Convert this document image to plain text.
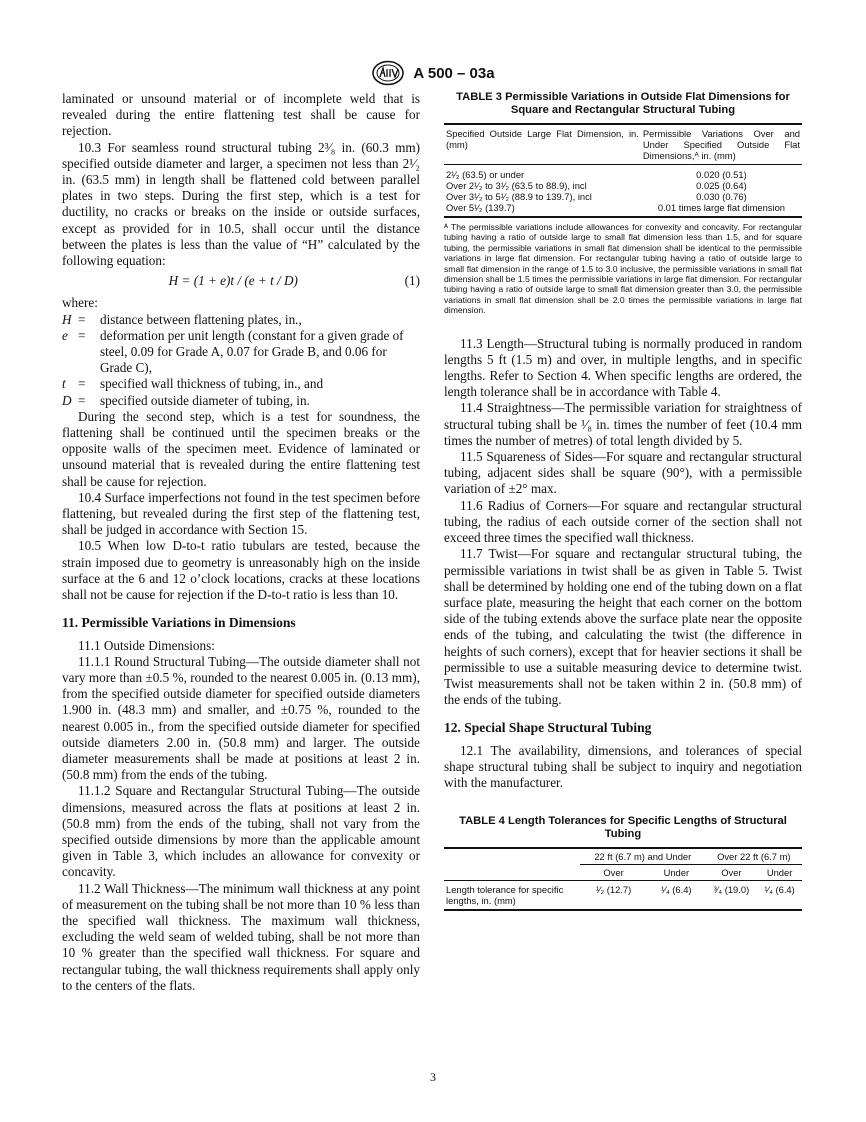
A 500 – 03a

laminated or unsound material or of incomplete weld that is revealed during the entire flattening test shall be cause for rejection.

10.3 For seamless round structural tubing 2³⁄₈ in. (60.3 mm) specified outside diameter and larger, a specimen not less than 2¹⁄₂ in. (63.5 mm) in length shall be flattened cold between parallel plates in two steps. During the first step, which is a test for ductility, no cracks or breaks on the inside or outside surfaces, except as provided for in 10.5, shall occur until the distance between the plates is less than the value of “H” calculated by the following equation:

H = (1 + e)t / (e + t / D)	(1)

where:

H =	distance between flattening plates, in.,
e =	deformation per unit length (constant for a given grade of steel, 0.09 for Grade A, 0.07 for Grade B, and 0.06 for Grade C),
t =	specified wall thickness of tubing, in., and
D =	specified outside diameter of tubing, in.

During the second step, which is a test for soundness, the flattening shall be continued until the specimen breaks or the opposite walls of the specimen meet. Evidence of laminated or unsound material that is revealed during the entire flattening test shall be cause for rejection.

10.4 Surface imperfections not found in the test specimen before flattening, but revealed during the first step of the flattening test, shall be judged in accordance with Section 15.

10.5 When low D-to-t ratio tubulars are tested, because the strain imposed due to geometry is unreasonably high on the inside surface at the 6 and 12 o’clock locations, cracks at these locations shall not be cause for rejection if the D-to-t ratio is less than 10.

11. Permissible Variations in Dimensions

11.1 Outside Dimensions:

11.1.1 Round Structural Tubing—The outside diameter shall not vary more than ±0.5 %, rounded to the nearest 0.005 in. (0.13 mm), from the specified outside diameter for specified outside diameters 1.900 in. (48.3 mm) and smaller, and ±0.75 %, rounded to the nearest 0.005 in., from the specified outside diameter for specified outside diameters 2.00 in. (50.8 mm) and larger. The outside diameter measurements shall be made at positions at least 2 in. (50.8 mm) from the ends of the tubing.

11.1.2 Square and Rectangular Structural Tubing—The outside dimensions, measured across the flats at positions at least 2 in. (50.8 mm) from the ends of the tubing, shall not vary from the specified outside dimensions by more than the applicable amount given in Table 3, which includes an allowance for convexity or concavity.

11.2 Wall Thickness—The minimum wall thickness at any point of measurement on the tubing shall be not more than 10 % less than the specified wall thickness. The maximum wall thickness, excluding the weld seam of welded tubing, shall be not more than 10 % greater than the specified wall thickness. For square and rectangular tubing, the wall thickness requirements shall apply only to the centers of the flats.

TABLE 3 Permissible Variations in Outside Flat Dimensions for Square and Rectangular Structural Tubing
Specified Outside Large Flat Dimension, in. (mm)	Permissible Variations Over and Under Specified Outside Flat Dimensions,ᴬ in. (mm)
2¹⁄₂ (63.5) or under	0.020 (0.51)
Over 2¹⁄₂ to 3¹⁄₂ (63.5 to 88.9), incl	0.025 (0.64)
Over 3¹⁄₂ to 5¹⁄₂ (88.9 to 139.7), incl	0.030 (0.76)
Over 5¹⁄₂ (139.7)	0.01 times large flat dimension
ᴬ The permissible variations include allowances for convexity and concavity. For rectangular tubing having a ratio of outside large to small flat dimension less than 1.5, and for square tubing, the permissible variations in small flat dimension shall be identical to the permissible variations in large flat dimension. For rectangular tubing having a ratio of outside large to small flat dimension in the range of 1.5 to 3.0 inclusive, the permissible variations in small flat dimension shall be 1.5 times the permissible variations in large flat dimension. For rectangular tubing having a ratio of outside large to small flat dimension greater than 3.0, the permissible variations in small flat dimension shall be 2.0 times the permissible variations in large flat dimension.

11.3 Length—Structural tubing is normally produced in random lengths 5 ft (1.5 m) and over, in multiple lengths, and in specific lengths. Refer to Section 4. When specific lengths are ordered, the length tolerance shall be in accordance with Table 4.

11.4 Straightness—The permissible variation for straightness of structural tubing shall be ¹⁄₈ in. times the number of feet (10.4 mm times the number of metres) of total length divided by 5.

11.5 Squareness of Sides—For square and rectangular structural tubing, adjacent sides shall be square (90°), with a permissible variation of ±2° max.

11.6 Radius of Corners—For square and rectangular structural tubing, the radius of each outside corner of the section shall not exceed three times the specified wall thickness.

11.7 Twist—For square and rectangular structural tubing, the permissible variations in twist shall be as given in Table 5. Twist shall be determined by holding one end of the tubing down on a flat surface plate, measuring the height that each corner on the bottom side of the tubing extends above the surface plate near the opposite ends of the tubing, and calculating the twist (the difference in heights of such corners), except that for heavier sections it shall be permissible to use a suitable measuring device to determine twist. Twist measurements shall not be taken within 2 in. (50.8 mm) of the ends of the tubing.

12. Special Shape Structural Tubing

12.1 The availability, dimensions, and tolerances of special shape structural tubing shall be subject to inquiry and negotiation with the manufacturer.

TABLE 4 Length Tolerances for Specific Lengths of Structural Tubing
	22 ft (6.7 m) and Under		Over 22 ft (6.7 m)	
	Over	Under	Over	Under
Length tolerance for specific lengths, in. (mm)	¹⁄₂ (12.7)	¹⁄₄ (6.4)	³⁄₄ (19.0)	¹⁄₄ (6.4)
3
